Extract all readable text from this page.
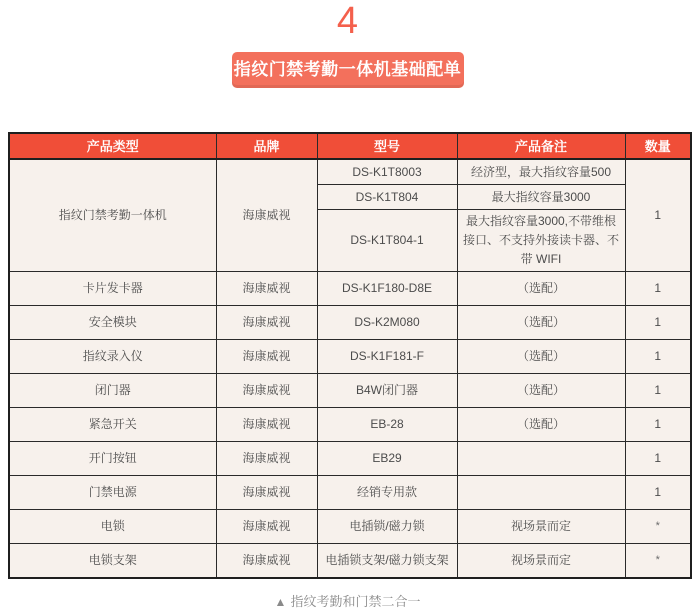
4
指纹门禁考勤一体机基础配单
产品类型	品牌	型号	产品备注	数量
指纹门禁考勤一体机	海康威视	DS-K1T8003	经济型，最大指纹容量500	1
		DS-K1T804	最大指纹容量3000	
		DS-K1T804-1	最大指纹容量3000,不带维根接口、不支持外接读卡器、不带 WIFI	
卡片发卡器	海康威视	DS-K1F180-D8E	（选配）	1
安全模块	海康威视	DS-K2M080	（选配）	1
指纹录入仪	海康威视	DS-K1F181-F	（选配）	1
闭门器	海康威视	B4W闭门器	（选配）	1
紧急开关	海康威视	EB-28	（选配）	1
开门按钮	海康威视	EB29		1
门禁电源	海康威视	经销专用款		1
电锁	海康威视	电插锁/磁力锁	视场景而定	*
电锁支架	海康威视	电插锁支架/磁力锁支架	视场景而定	*
▲ 指纹考勤和门禁二合一
